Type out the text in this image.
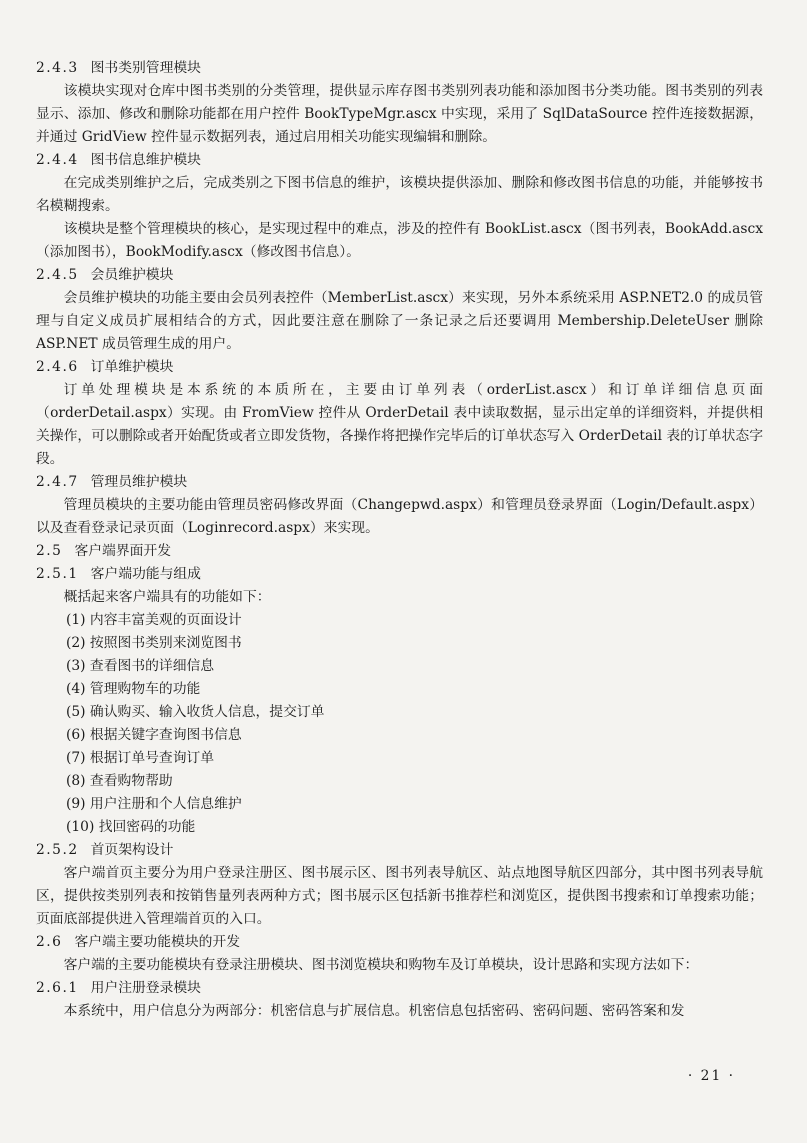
2.4.3 图书类别管理模块
该模块实现对仓库中图书类别的分类管理，提供显示库存图书类别列表功能和添加图书分类功能。图书类别的列表显示、添加、修改和删除功能都在用户控件 BookTypeMgr.ascx 中实现，采用了 SqlDataSource 控件连接数据源，并通过 GridView 控件显示数据列表，通过启用相关功能实现编辑和删除。
2.4.4 图书信息维护模块
在完成类别维护之后，完成类别之下图书信息的维护，该模块提供添加、删除和修改图书信息的功能，并能够按书名模糊搜索。
该模块是整个管理模块的核心，是实现过程中的难点，涉及的控件有 BookList.ascx（图书列表，BookAdd.ascx（添加图书），BookModify.ascx（修改图书信息）。
2.4.5 会员维护模块
会员维护模块的功能主要由会员列表控件（MemberList.ascx）来实现，另外本系统采用 ASP.NET2.0 的成员管理与自定义成员扩展相结合的方式，因此要注意在删除了一条记录之后还要调用 Membership.DeleteUser 删除 ASP.NET 成员管理生成的用户。
2.4.6 订单维护模块
订单处理模块是本系统的本质所在，主要由订单列表（orderList.ascx）和订单详细信息页面（orderDetail.aspx）实现。由 FromView 控件从 OrderDetail 表中读取数据，显示出定单的详细资料，并提供相关操作，可以删除或者开始配货或者立即发货物，各操作将把操作完毕后的订单状态写入 OrderDetail 表的订单状态字段。
2.4.7 管理员维护模块
管理员模块的主要功能由管理员密码修改界面（Changepwd.aspx）和管理员登录界面（Login/Default.aspx）以及查看登录记录页面（Loginrecord.aspx）来实现。
2.5 客户端界面开发
2.5.1 客户端功能与组成
概括起来客户端具有的功能如下：
(1) 内容丰富美观的页面设计
(2) 按照图书类别来浏览图书
(3) 查看图书的详细信息
(4) 管理购物车的功能
(5) 确认购买、输入收货人信息，提交订单
(6) 根据关键字查询图书信息
(7) 根据订单号查询订单
(8) 查看购物帮助
(9) 用户注册和个人信息维护
(10) 找回密码的功能
2.5.2 首页架构设计
客户端首页主要分为用户登录注册区、图书展示区、图书列表导航区、站点地图导航区四部分，其中图书列表导航区，提供按类别列表和按销售量列表两种方式；图书展示区包括新书推荐栏和浏览区，提供图书搜索和订单搜索功能；页面底部提供进入管理端首页的入口。
2.6 客户端主要功能模块的开发
客户端的主要功能模块有登录注册模块、图书浏览模块和购物车及订单模块，设计思路和实现方法如下：
2.6.1 用户注册登录模块
本系统中，用户信息分为两部分：机密信息与扩展信息。机密信息包括密码、密码问题、密码答案和发
· 21 ·
